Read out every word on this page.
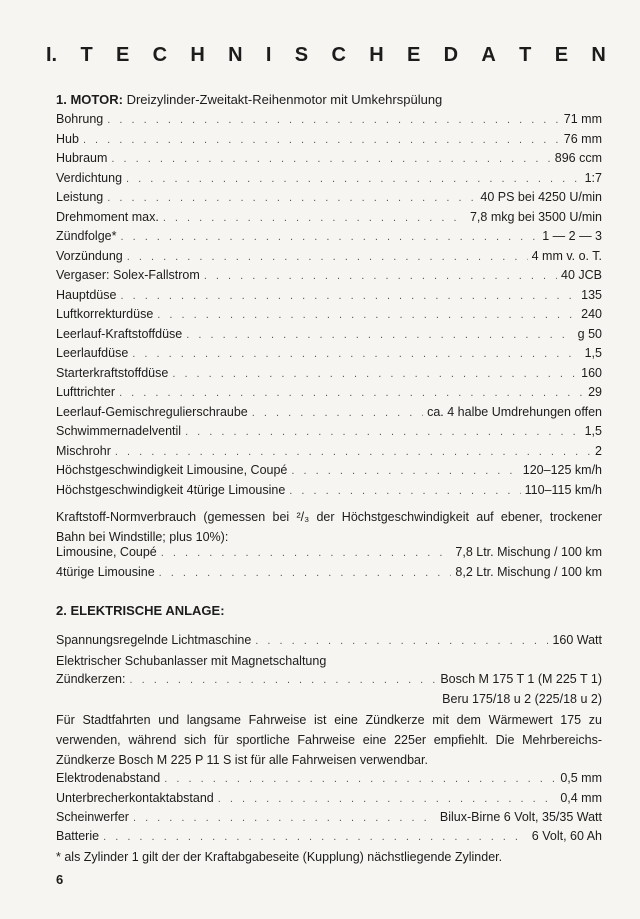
I. T E C H N I S C H E D A T E N
1. MOTOR: Dreizylinder-Zweitakt-Reihenmotor mit Umkehrspülung
Bohrung . . .	71 mm
Hub . . .	76 mm
Hubraum . . .	896 ccm
Verdichtung . . .	1:7
Leistung . . .	40 PS bei 4250 U/min
Drehmoment max. . . .	7,8 mkg bei 3500 U/min
Zündfolge* . . .	1 — 2 — 3
Vorzündung . . .	4 mm v. o. T.
Vergaser: Solex-Fallstrom . . .	40 JCB
Hauptdüse . . .	135
Luftkorrekturdüse . . .	240
Leerlauf-Kraftstoffdüse . . .	g 50
Leerlaufdüse . . .	1,5
Starterkraftstoffdüse . . .	160
Lufttrichter . . .	29
Leerlauf-Gemischregulierschraube . . .	ca. 4 halbe Umdrehungen offen
Schwimmernadelventil . . .	1,5
Mischrohr . . .	2
Höchstgeschwindigkeit Limousine, Coupé . . .	120–125 km/h
Höchstgeschwindigkeit 4türige Limousine . . .	110–115 km/h
Kraftstoff-Normverbrauch (gemessen bei ²/₃ der Höchstgeschwindigkeit auf ebener, trockener Bahn bei Windstille; plus 10%):
Limousine, Coupé . . .	7,8 Ltr. Mischung / 100 km
4türige Limousine . . .	8,2 Ltr. Mischung / 100 km
2. ELEKTRISCHE ANLAGE:
Spannungsregelnde Lichtmaschine . . .	160 Watt
Elektrischer Schubanlasser mit Magnetschaltung
Zündkerzen: . . .	Bosch M 175 T 1 (M 225 T 1)
Beru 175/18 u 2 (225/18 u 2)
Für Stadtfahrten und langsame Fahrweise ist eine Zündkerze mit dem Wärmewert 175 zu verwenden, während sich für sportliche Fahrweise eine 225er empfiehlt. Die Mehrbereichs-Zündkerze Bosch M 225 P 11 S ist für alle Fahrweisen verwendbar.
Elektrodenabstand . . .	0,5 mm
Unterbrecherkontaktabstand . . .	0,4 mm
Scheinwerfer . . .	Bilux-Birne 6 Volt, 35/35 Watt
Batterie . . .	6 Volt, 60 Ah
* als Zylinder 1 gilt der der Kraftabgabeseite (Kupplung) nächstliegende Zylinder.
6
